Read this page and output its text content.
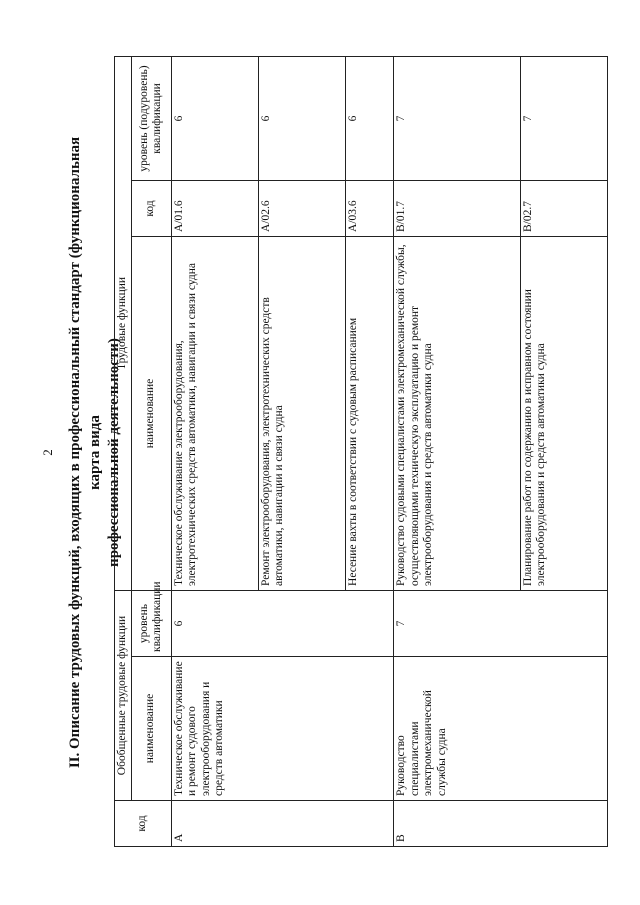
2 II. Описание трудовых функций, входящих в профессиональный стандарт (функциональная карта вида профессиональной деятельности)
код	Обобщенные трудовые функции		Трудовые функции		
	наименование	уровень квалификации	наименование	код	уровень (подуровень) квалификации
A	Техническое обслуживание и ремонт судового электрооборудования и средств автоматики	6	Техническое обслуживание электрооборудования, электротехнических средств автоматики, навигации и связи судна	A/01.6	6
			Ремонт электрооборудования, электротехнических средств автоматики, навигации и связи судна	A/02.6	6
			Несение вахты в соответствии с судовым расписанием	A/03.6	6
B	Руководство специалистами электромеханической службы судна	7	Руководство судовыми специалистами электромеханической службы, осуществляющими техническую эксплуатацию и ремонт электрооборудования и средств автоматики судна	B/01.7	7
			Планирование работ по содержанию в исправном состоянии электрооборудования и средств автоматики судна	B/02.7	7
